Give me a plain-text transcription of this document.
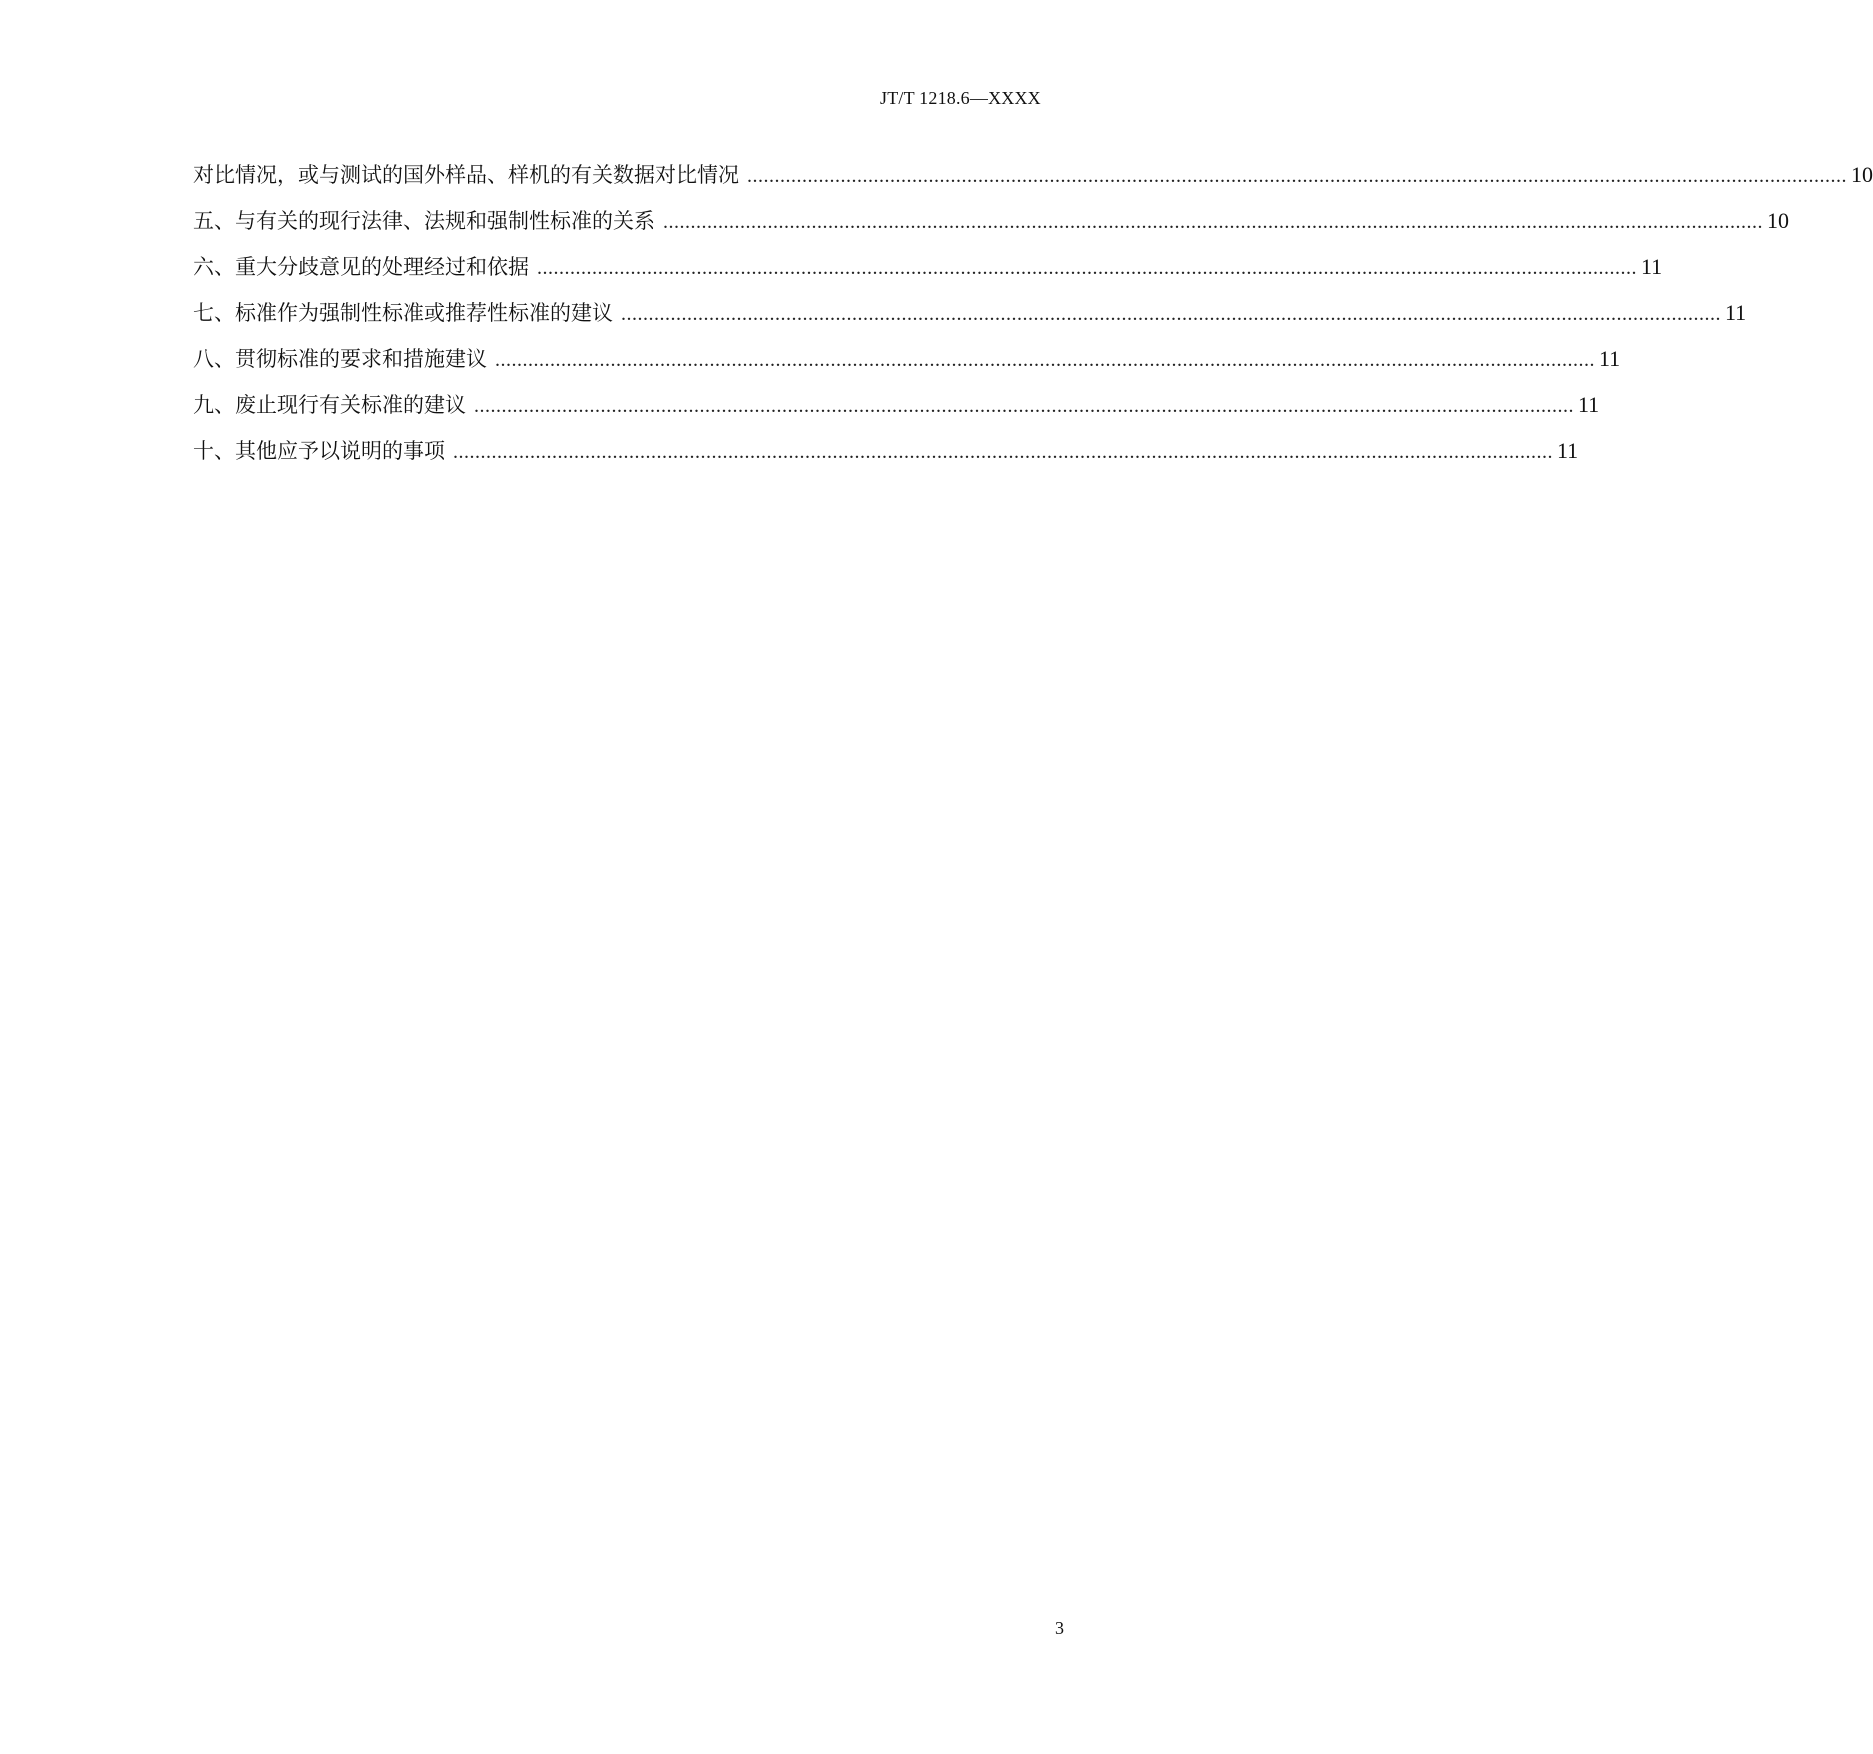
JT/T 1218.6—XXXX
对比情况，或与测试的国外样品、样机的有关数据对比情况 ........................................................................................................................................................................................................ 10
五、与有关的现行法律、法规和强制性标准的关系 ........................................................................................................................................................................................................ 10
六、重大分歧意见的处理经过和依据 ........................................................................................................................................................................................................ 11
七、标准作为强制性标准或推荐性标准的建议 ........................................................................................................................................................................................................ 11
八、贯彻标准的要求和措施建议 ........................................................................................................................................................................................................ 11
九、废止现行有关标准的建议 ........................................................................................................................................................................................................ 11
十、其他应予以说明的事项 ........................................................................................................................................................................................................ 11
3
